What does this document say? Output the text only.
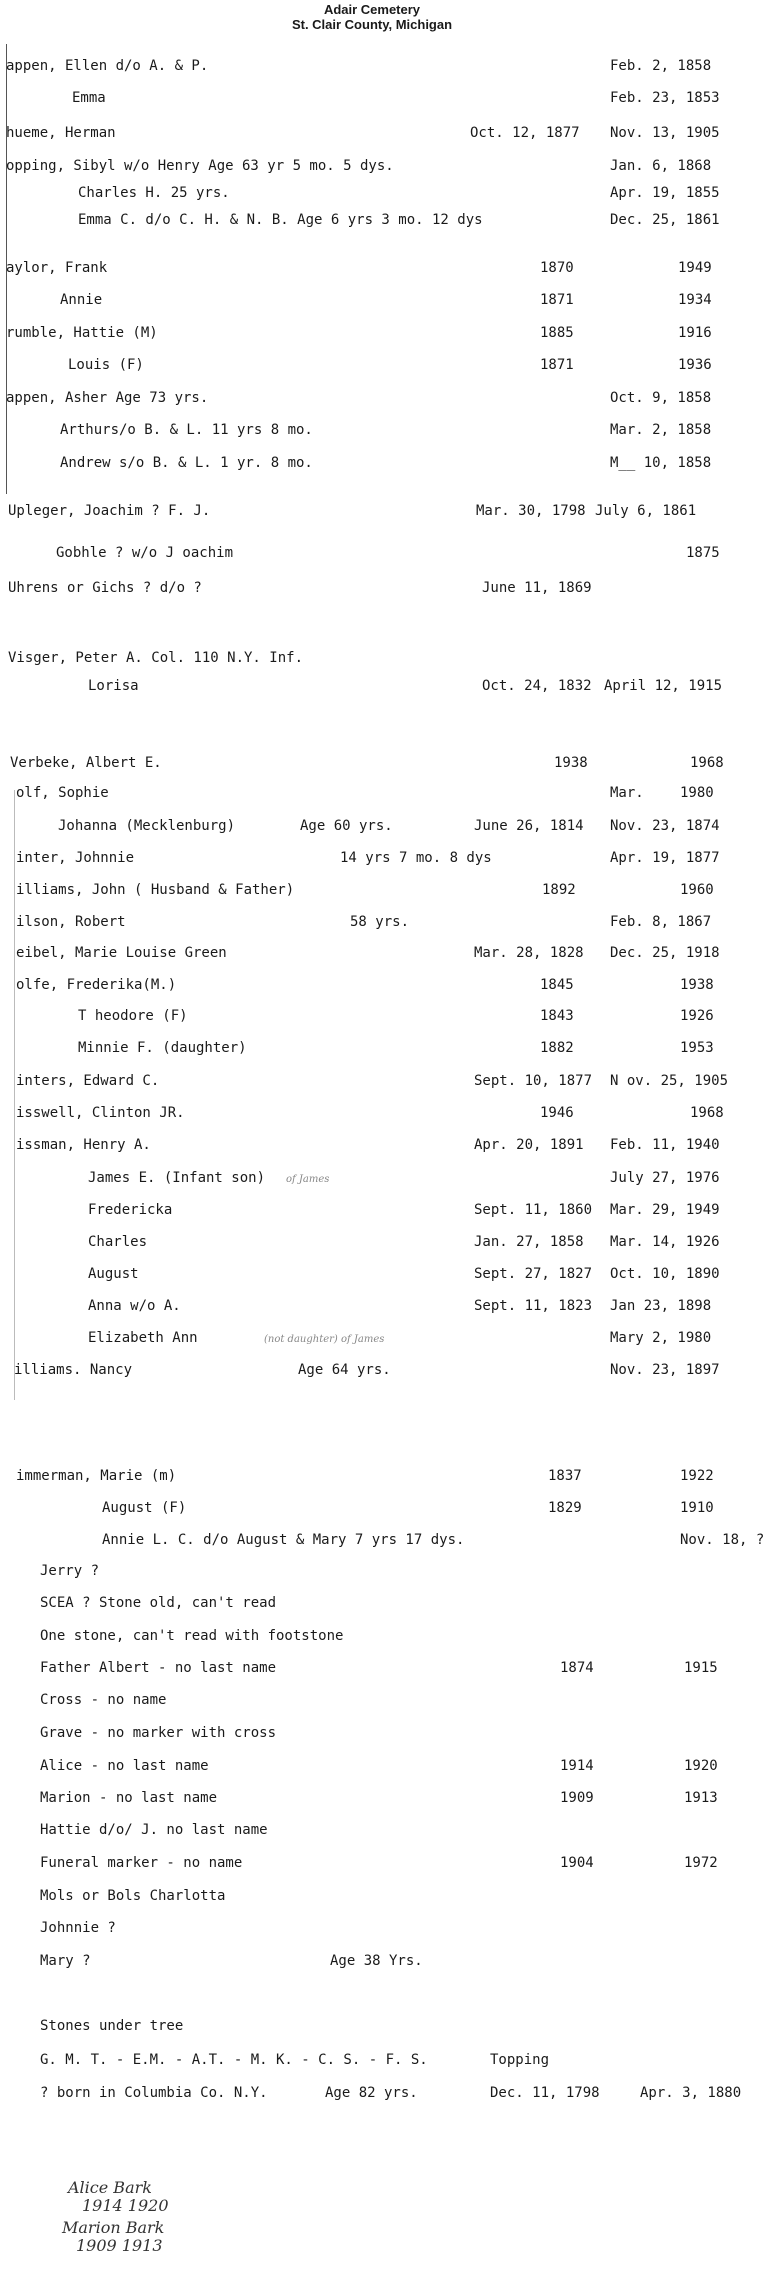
Adair Cemetery
St. Clair County, Michigan
appen, Ellen d/o A. & P.	Feb. 2, 1858
Emma	Feb. 23, 1853
hueme, Herman	Oct. 12, 1877 Nov. 13, 1905
opping, Sibyl w/o Henry Age 63 yr 5 mo. 5 dys.	Jan. 6, 1868
Charles H. 25 yrs.	Apr. 19, 1855
Emma C. d/o C. H. & N. B. Age 6 yrs 3 mo. 12 dys	Dec. 25, 1861
aylor, Frank	1870	1949
Annie	1871	1934
rumble, Hattie (M)	1885	1916
Louis (F)	1871	1936
appen, Asher Age 73 yrs.	Oct. 9, 1858
Arthurs/o B. & L. 11 yrs 8 mo.	Mar. 2, 1858
Andrew s/o B. & L. 1 yr. 8 mo.	M__ 10, 1858
Upleger, Joachim ? F. J.	Mar. 30, 1798 July 6, 1861
Gobhle ? w/o J oachim	1875
Uhrens or Gichs ? d/o ?	June 11, 1869
Visger, Peter A. Col. 110 N.Y. Inf.
Lorisa	Oct. 24, 1832 April 12, 1915
Verbeke, Albert E.	1938	1968
olf, Sophie	Mar.	1980
Johanna (Mecklenburg)	Age 60 yrs.	June 26, 1814 Nov. 23, 1874
inter, Johnnie	14 yrs 7 mo. 8 dys	Apr. 19, 1877
illiams, John ( Husband & Father)	1892	1960
ilson, Robert	58 yrs.	Feb. 8, 1867
eibel, Marie Louise Green	Mar. 28, 1828 Dec. 25, 1918
olfe, Frederika(M.)	1845	1938
T heodore (F)	1843	1926
Minnie F. (daughter)	1882	1953
inters, Edward C.	Sept. 10, 1877 N ov. 25, 1905
isswell, Clinton JR.	1946	1968
issman, Henry A.	Apr. 20, 1891 Feb. 11, 1940
James E. (Infant son) of James	July 27, 1976
Fredericka	Sept. 11, 1860 Mar. 29, 1949
Charles	Jan. 27, 1858 Mar. 14, 1926
August	Sept. 27, 1827 Oct. 10, 1890
Anna w/o A.	Sept. 11, 1823 Jan 23, 1898
Elizabeth Ann	(not daughter) of James	Mary 2, 1980
illiams. Nancy	Age 64 yrs.	Nov. 23, 1897
immerman, Marie (m)	1837	1922
August (F)	1829	1910
Annie L. C. d/o August & Mary 7 yrs 17 dys.	Nov. 18, ?
Jerry ?
SCEA ? Stone old, can't read
One stone, can't read with footstone
Father Albert - no last name	1874	1915
Cross - no name
Grave - no marker with cross
Alice - no last name	1914	1920
Marion - no last name	1909	1913
Hattie d/o/ J. no last name
Funeral marker - no name	1904	1972
Mols or Bols Charlotta
Johnnie ?
Mary ?	Age 38 Yrs.
Stones under tree
G. M. T. - E.M. - A.T. - M. K. - C. S. - F. S.	Topping
? born in Columbia Co. N.Y.	Age 82 yrs.	Dec. 11, 1798	Apr. 3, 1880
Alice Bark
1914 1920
Marion Bark
1909 1913
